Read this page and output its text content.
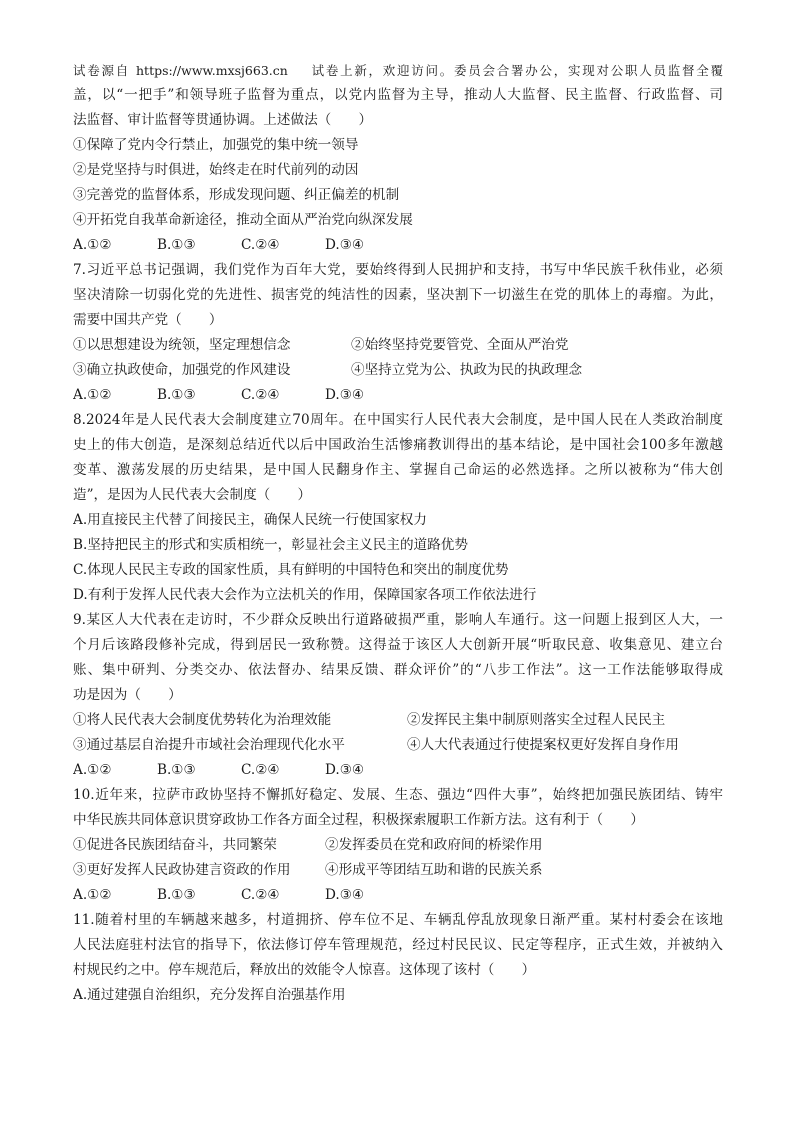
试卷源自 https://www.mxsj663.cn 试卷上新，欢迎访问。委员会合署办公，实现对公职人员监督全覆
盖，以“一把手”和领导班子监督为重点，以党内监督为主导，推动人大监督、民主监督、行政监督、司
法监督、审计监督等贯通协调。上述做法（　　）
①保障了党内令行禁止，加强党的集中统一领导
②是党坚持与时俱进，始终走在时代前列的动因
③完善党的监督体系，形成发现问题、纠正偏差的机制
④开拓党自我革命新途径，推动全面从严治党向纵深发展
A.①②	B.①③	C.②④	D.③④
7.习近平总书记强调，我们党作为百年大党，要始终得到人民拥护和支持，书写中华民族千秋伟业，必须
坚决清除一切弱化党的先进性、损害党的纯洁性的因素，坚决割下一切滋生在党的肌体上的毒瘤。为此，
需要中国共产党（　　）
①以思想建设为统领，坚定理想信念	②始终坚持党要管党、全面从严治党
③确立执政使命，加强党的作风建设	④坚持立党为公、执政为民的执政理念
A.①②	B.①③	C.②④	D.③④
8.2024年是人民代表大会制度建立70周年。在中国实行人民代表大会制度，是中国人民在人类政治制度
史上的伟大创造，是深刻总结近代以后中国政治生活惨痛教训得出的基本结论，是中国社会100多年激越
变革、激荡发展的历史结果，是中国人民翻身作主、掌握自己命运的必然选择。之所以被称为“伟大创
造”，是因为人民代表大会制度（　　）
A.用直接民主代替了间接民主，确保人民统一行使国家权力
B.坚持把民主的形式和实质相统一，彰显社会主义民主的道路优势
C.体现人民民主专政的国家性质，具有鲜明的中国特色和突出的制度优势
D.有利于发挥人民代表大会作为立法机关的作用，保障国家各项工作依法进行
9.某区人大代表在走访时，不少群众反映出行道路破损严重，影响人车通行。这一问题上报到区人大，一
个月后该路段修补完成，得到居民一致称赞。这得益于该区人大创新开展“听取民意、收集意见、建立台
账、集中研判、分类交办、依法督办、结果反馈、群众评价”的“八步工作法”。这一工作法能够取得成
功是因为（　　）
①将人民代表大会制度优势转化为治理效能	②发挥民主集中制原则落实全过程人民民主
③通过基层自治提升市域社会治理现代化水平	④人大代表通过行使提案权更好发挥自身作用
A.①②	B.①③	C.②④	D.③④
10.近年来，拉萨市政协坚持不懈抓好稳定、发展、生态、强边“四件大事”，始终把加强民族团结、铸牢
中华民族共同体意识贯穿政协工作各方面全过程，积极探索履职工作新方法。这有利于（　　）
①促进各民族团结奋斗，共同繁荣	②发挥委员在党和政府间的桥梁作用
③更好发挥人民政协建言资政的作用	④形成平等团结互助和谐的民族关系
A.①②	B.①③	C.②④	D.③④
11.随着村里的车辆越来越多，村道拥挤、停车位不足、车辆乱停乱放现象日渐严重。某村村委会在该地
人民法庭驻村法官的指导下，依法修订停车管理规范，经过村民民议、民定等程序，正式生效，并被纳入
村规民约之中。停车规范后，释放出的效能令人惊喜。这体现了该村（　　）
A.通过建强自治组织，充分发挥自治强基作用
